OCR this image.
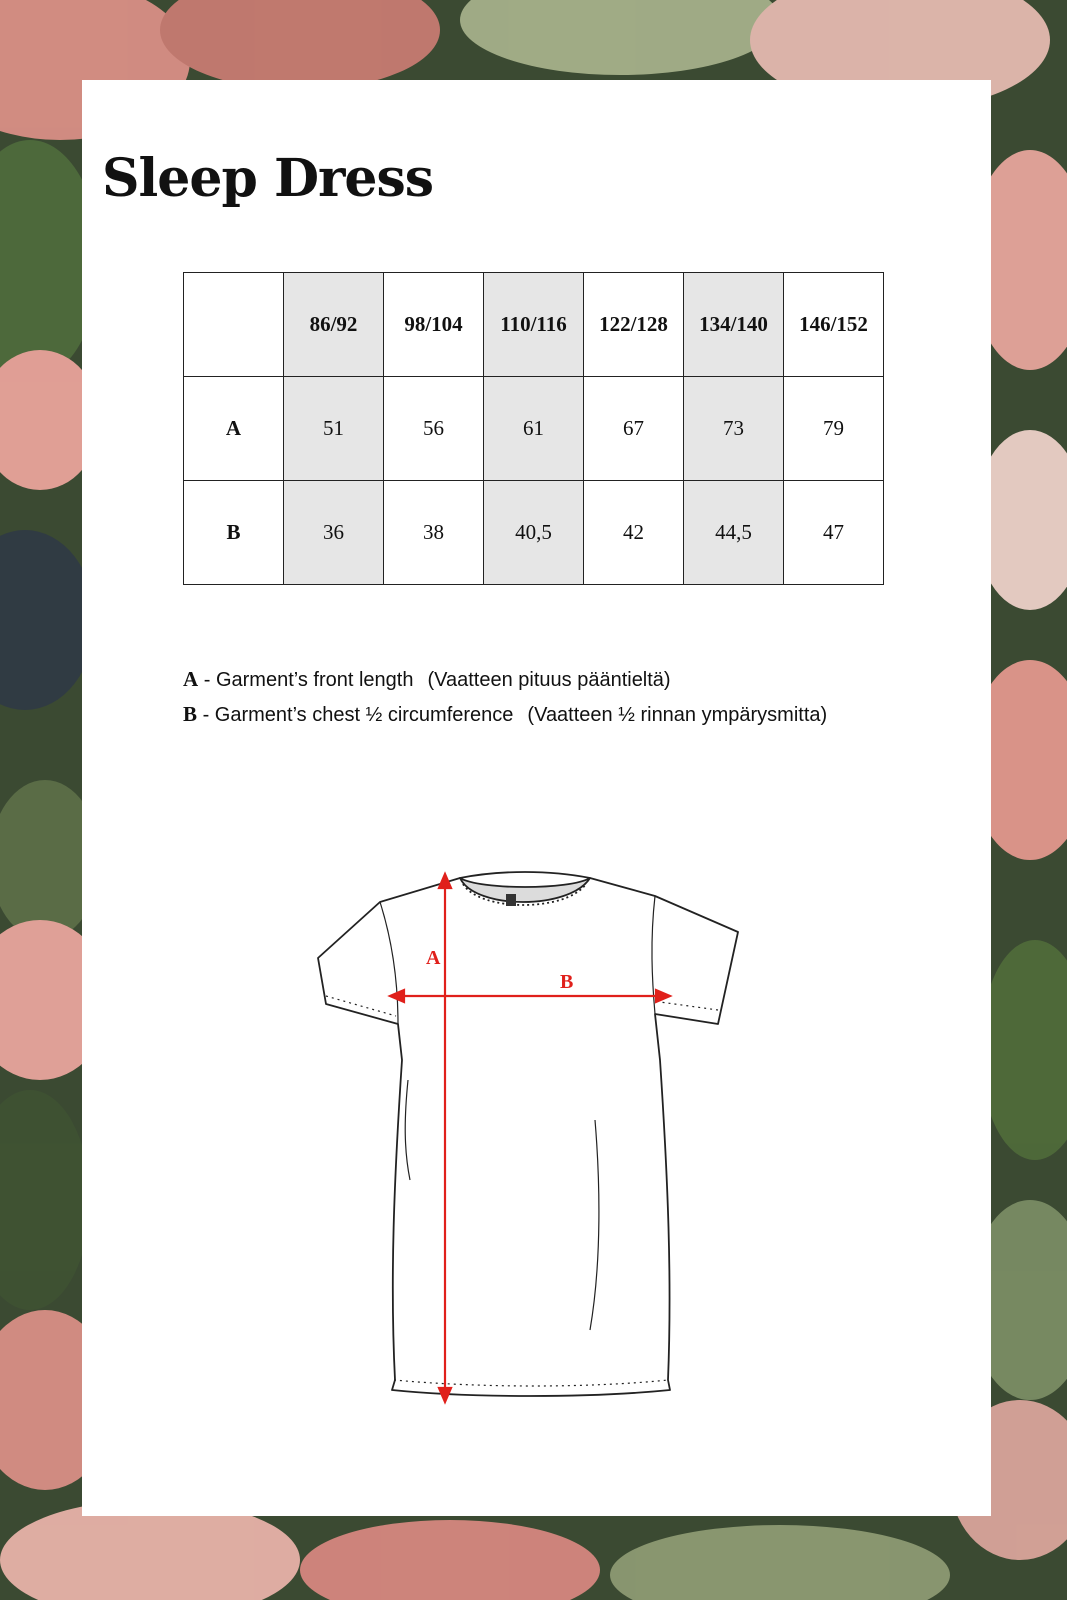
Sleep Dress
	86/92	98/104	110/116	122/128	134/140	146/152
A	51	56	61	67	73	79
B	36	38	40,5	42	44,5	47
A - Garment’s front length (Vaatteen pituus pääntieltä)
B - Garment’s chest ½ circumference (Vaatteen ½ rinnan ympärysmitta)
A
B
